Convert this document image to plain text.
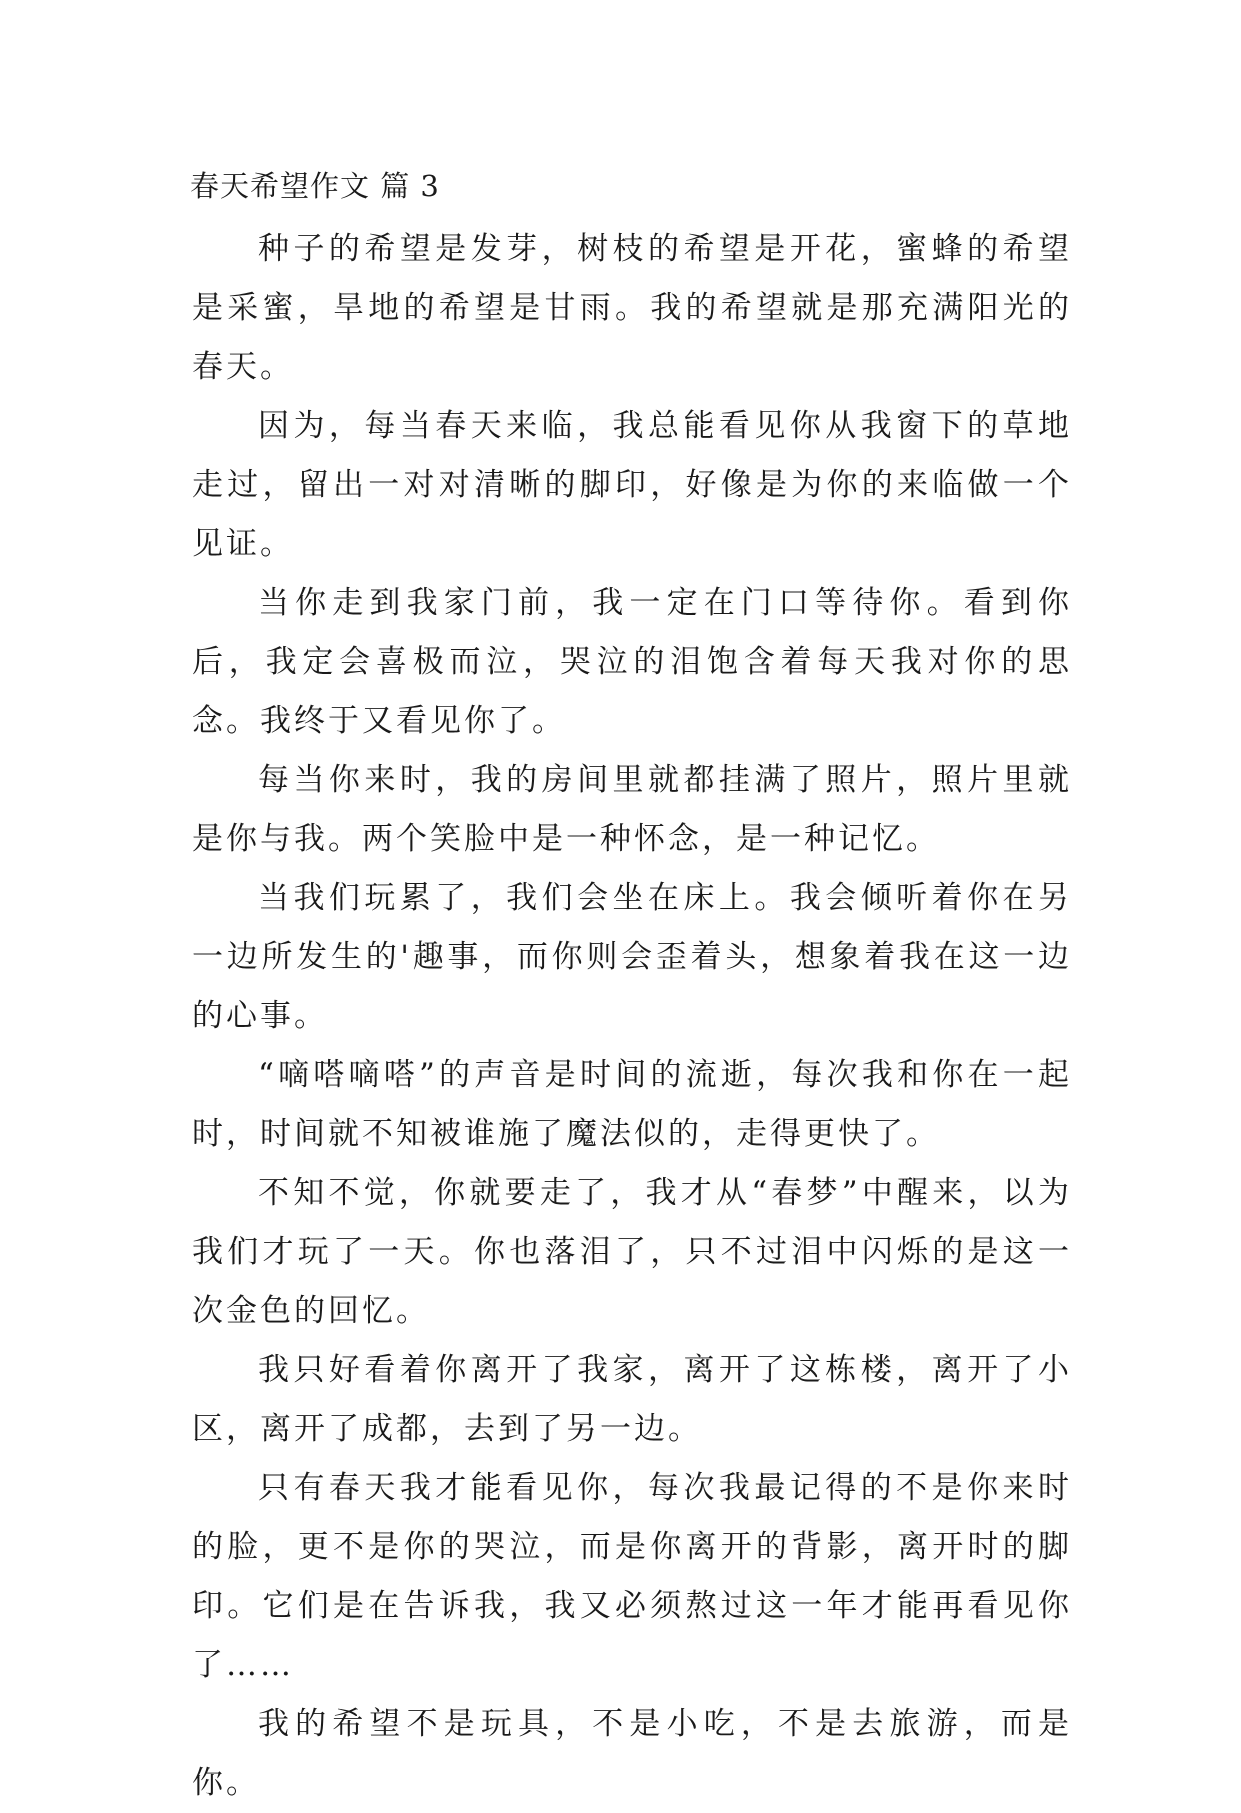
春天希望作文 篇 3

种子的希望是发芽，树枝的希望是开花，蜜蜂的希望是采蜜，旱地的希望是甘雨。我的希望就是那充满阳光的春天。

因为，每当春天来临，我总能看见你从我窗下的草地走过，留出一对对清晰的脚印，好像是为你的来临做一个见证。

当你走到我家门前，我一定在门口等待你。看到你后，我定会喜极而泣，哭泣的泪饱含着每天我对你的思念。我终于又看见你了。

每当你来时，我的房间里就都挂满了照片，照片里就是你与我。两个笑脸中是一种怀念，是一种记忆。

当我们玩累了，我们会坐在床上。我会倾听着你在另一边所发生的'趣事，而你则会歪着头，想象着我在这一边的心事。

“嘀嗒嘀嗒”的声音是时间的流逝，每次我和你在一起时，时间就不知被谁施了魔法似的，走得更快了。

不知不觉，你就要走了，我才从“春梦”中醒来，以为我们才玩了一天。你也落泪了，只不过泪中闪烁的是这一次金色的回忆。

我只好看着你离开了我家，离开了这栋楼，离开了小区，离开了成都，去到了另一边。

只有春天我才能看见你，每次我最记得的不是你来时的脸，更不是你的哭泣，而是你离开的背影，离开时的脚印。它们是在告诉我，我又必须熬过这一年才能再看见你了……

我的希望不是玩具，不是小吃，不是去旅游，而是你。
